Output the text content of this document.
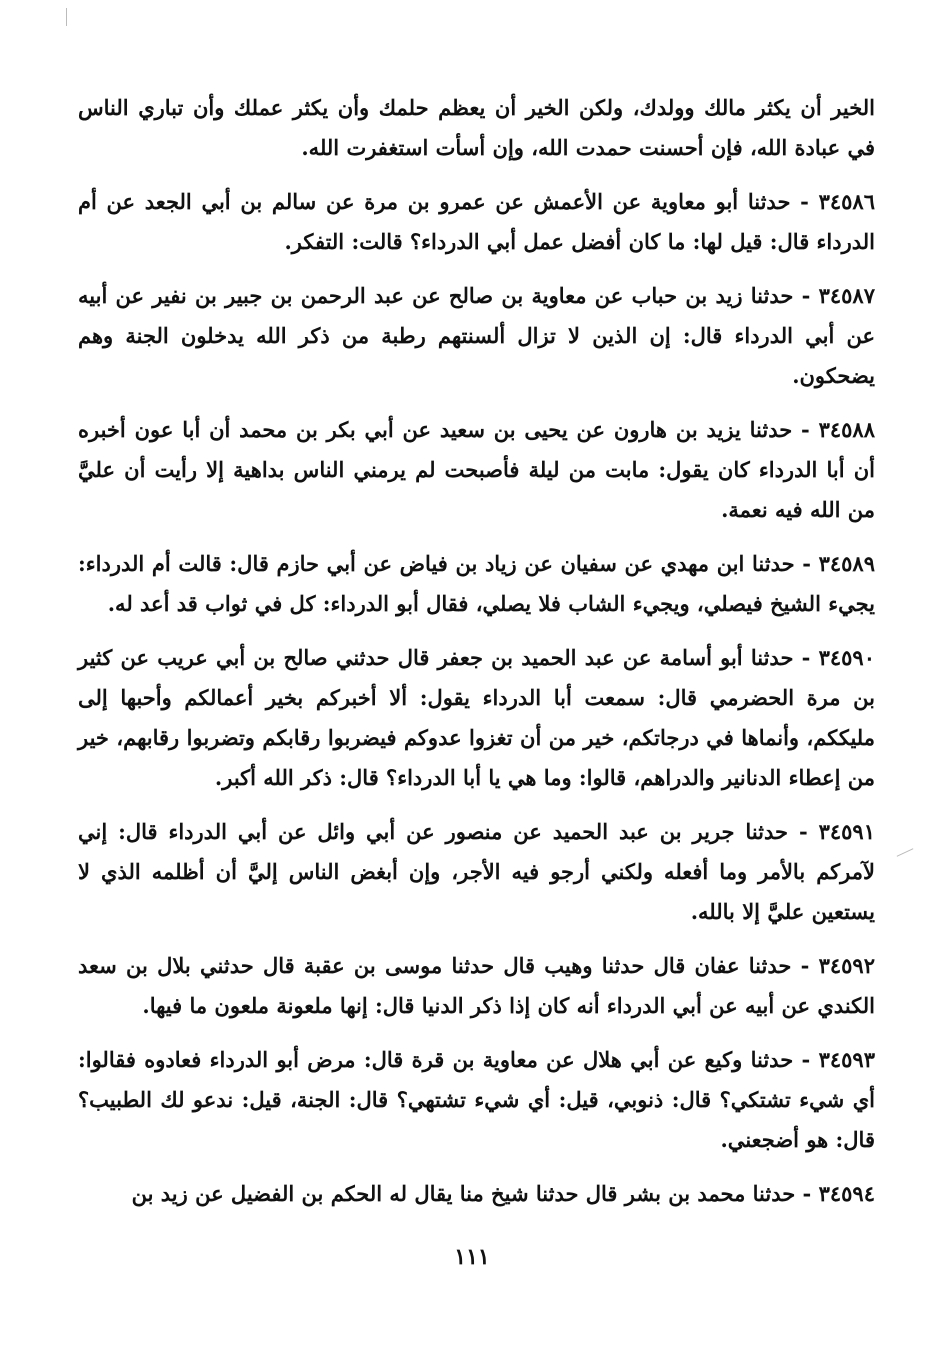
الخير أن يكثر مالك وولدك، ولكن الخير أن يعظم حلمك وأن يكثر عملك وأن تباري الناس في عبادة الله، فإن أحسنت حمدت الله، وإن أسأت استغفرت الله.

٣٤٥٨٦ - حدثنا أبو معاوية عن الأعمش عن عمرو بن مرة عن سالم بن أبي الجعد عن أم الدرداء قال: قيل لها: ما كان أفضل عمل أبي الدرداء؟ قالت: التفكر.

٣٤٥٨٧ - حدثنا زيد بن حباب عن معاوية بن صالح عن عبد الرحمن بن جبير بن نفير عن أبيه عن أبي الدرداء قال: إن الذين لا تزال ألسنتهم رطبة من ذكر الله يدخلون الجنة وهم يضحكون.

٣٤٥٨٨ - حدثنا يزيد بن هارون عن يحيى بن سعيد عن أبي بكر بن محمد أن أبا عون أخبره أن أبا الدرداء كان يقول: مابت من ليلة فأصبحت لم يرمني الناس بداهية إلا رأيت أن عليَّ من الله فيه نعمة.

٣٤٥٨٩ - حدثنا ابن مهدي عن سفيان عن زياد بن فياض عن أبي حازم قال: قالت أم الدرداء: يجيء الشيخ فيصلي، ويجيء الشاب فلا يصلي، فقال أبو الدرداء: كل في ثواب قد أعد له.

٣٤٥٩٠ - حدثنا أبو أسامة عن عبد الحميد بن جعفر قال حدثني صالح بن أبي عريب عن كثير بن مرة الحضرمي قال: سمعت أبا الدرداء يقول: ألا أخبركم بخير أعمالكم وأحبها إلى مليككم، وأنماها في درجاتكم، خير من أن تغزوا عدوكم فيضربوا رقابكم وتضربوا رقابهم، خير من إعطاء الدنانير والدراهم، قالوا: وما هي يا أبا الدرداء؟ قال: ذكر الله أكبر.

٣٤٥٩١ - حدثنا جرير بن عبد الحميد عن منصور عن أبي وائل عن أبي الدرداء قال: إني لآمركم بالأمر وما أفعله ولكني أرجو فيه الأجر، وإن أبغض الناس إليَّ أن أظلمه الذي لا يستعين عليَّ إلا بالله.

٣٤٥٩٢ - حدثنا عفان قال حدثنا وهيب قال حدثنا موسى بن عقبة قال حدثني بلال بن سعد الكندي عن أبيه عن أبي الدرداء أنه كان إذا ذكر الدنيا قال: إنها ملعونة ملعون ما فيها.

٣٤٥٩٣ - حدثنا وكيع عن أبي هلال عن معاوية بن قرة قال: مرض أبو الدرداء فعادوه فقالوا: أي شيء تشتكي؟ قال: ذنوبي، قيل: أي شيء تشتهي؟ قال: الجنة، قيل: ندعو لك الطبيب؟ قال: هو أضجعني.

٣٤٥٩٤ - حدثنا محمد بن بشر قال حدثنا شيخ منا يقال له الحكم بن الفضيل عن زيد بن

١١١
